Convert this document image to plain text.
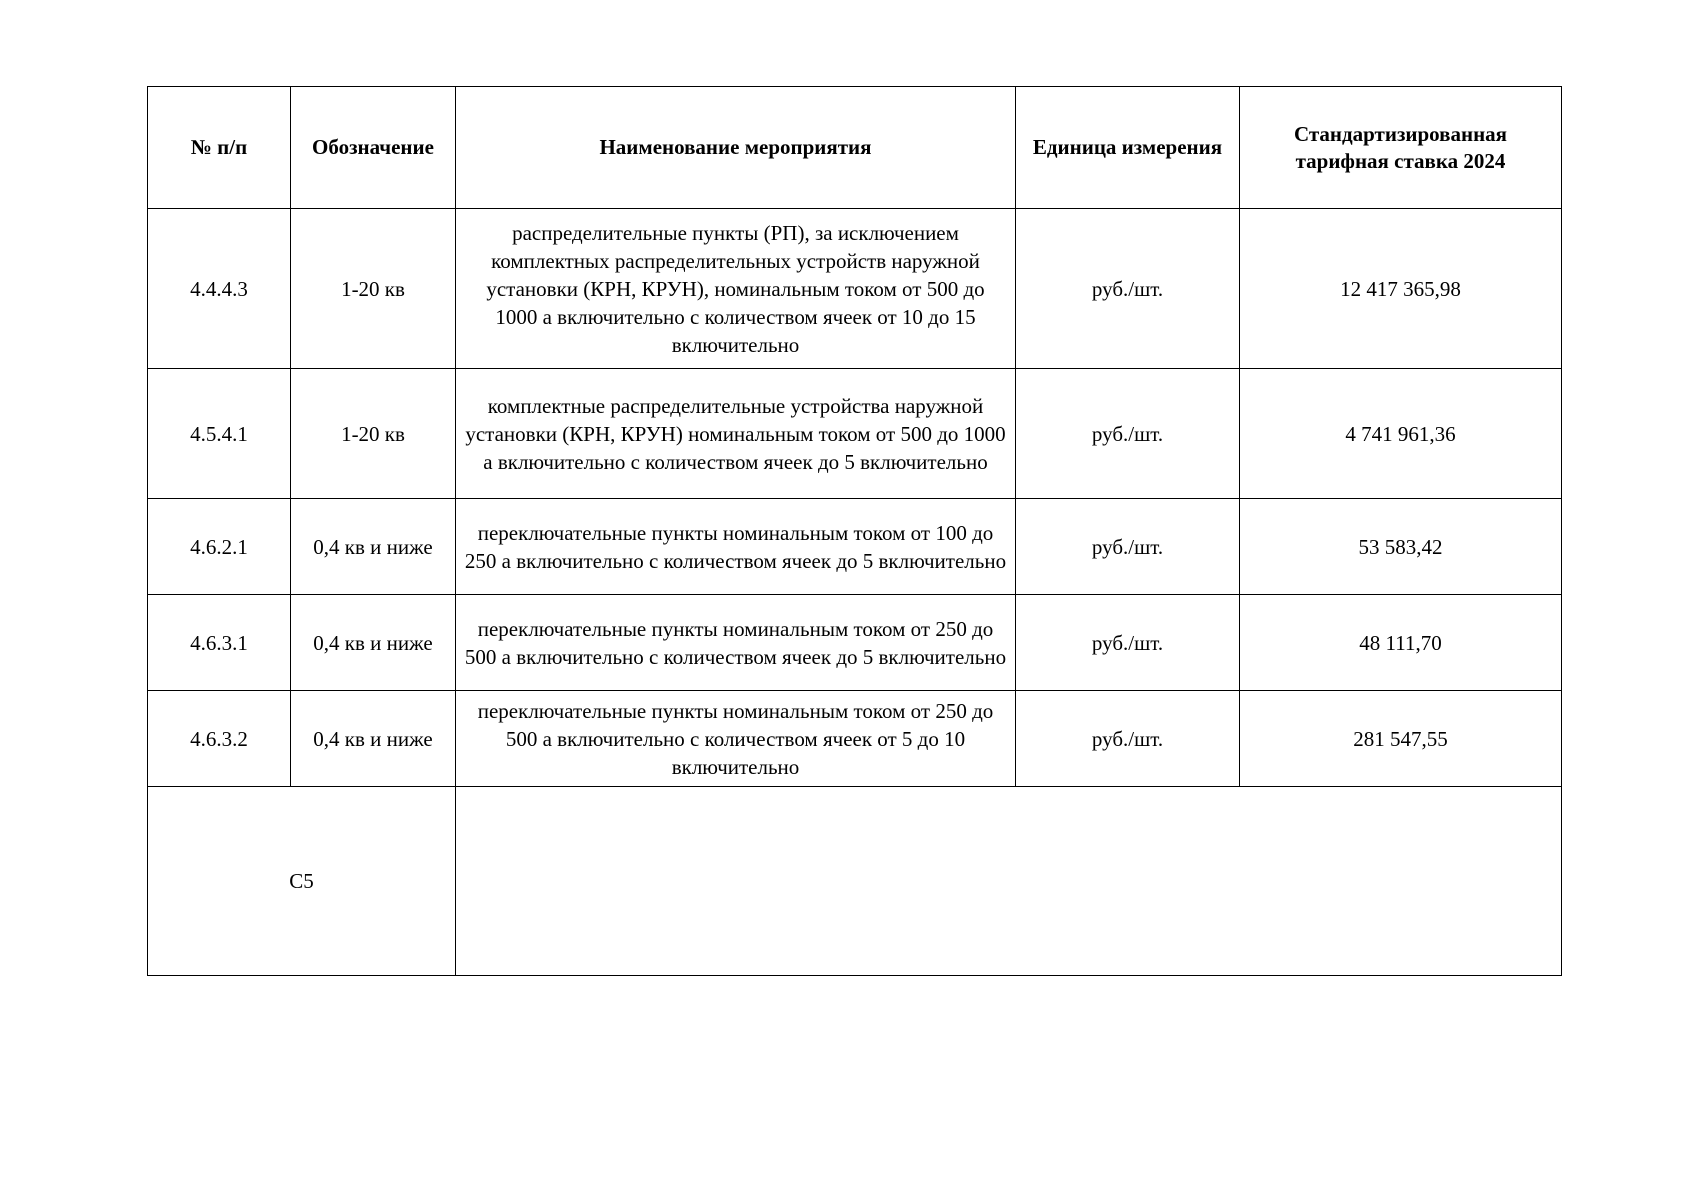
№ п/п	Обозначение	Наименование мероприятия	Единица измерения	Стандартизированная тарифная ставка 2024
4.4.4.3	1-20 кв	распределительные пункты (РП), за исключением комплектных распределительных устройств наружной установки (КРН, КРУН), номинальным током от 500 до 1000 а включительно с количеством ячеек от 10 до 15 включительно	руб./шт.	12 417 365,98
4.5.4.1	1-20 кв	комплектные распределительные устройства наружной установки (КРН, КРУН) номинальным током от 500 до 1000 а включительно с количеством ячеек до 5 включительно	руб./шт.	4 741 961,36
4.6.2.1	0,4 кв и ниже	переключательные пункты номинальным током от 100 до 250 а включительно с количеством ячеек до 5 включительно	руб./шт.	53 583,42
4.6.3.1	0,4 кв и ниже	переключательные пункты номинальным током от 250 до 500 а включительно с количеством ячеек до 5 включительно	руб./шт.	48 111,70
4.6.3.2	0,4 кв и ниже	переключательные пункты номинальным током от 250 до 500 а включительно с количеством ячеек от 5 до 10 включительно	руб./шт.	281 547,55
С5				
